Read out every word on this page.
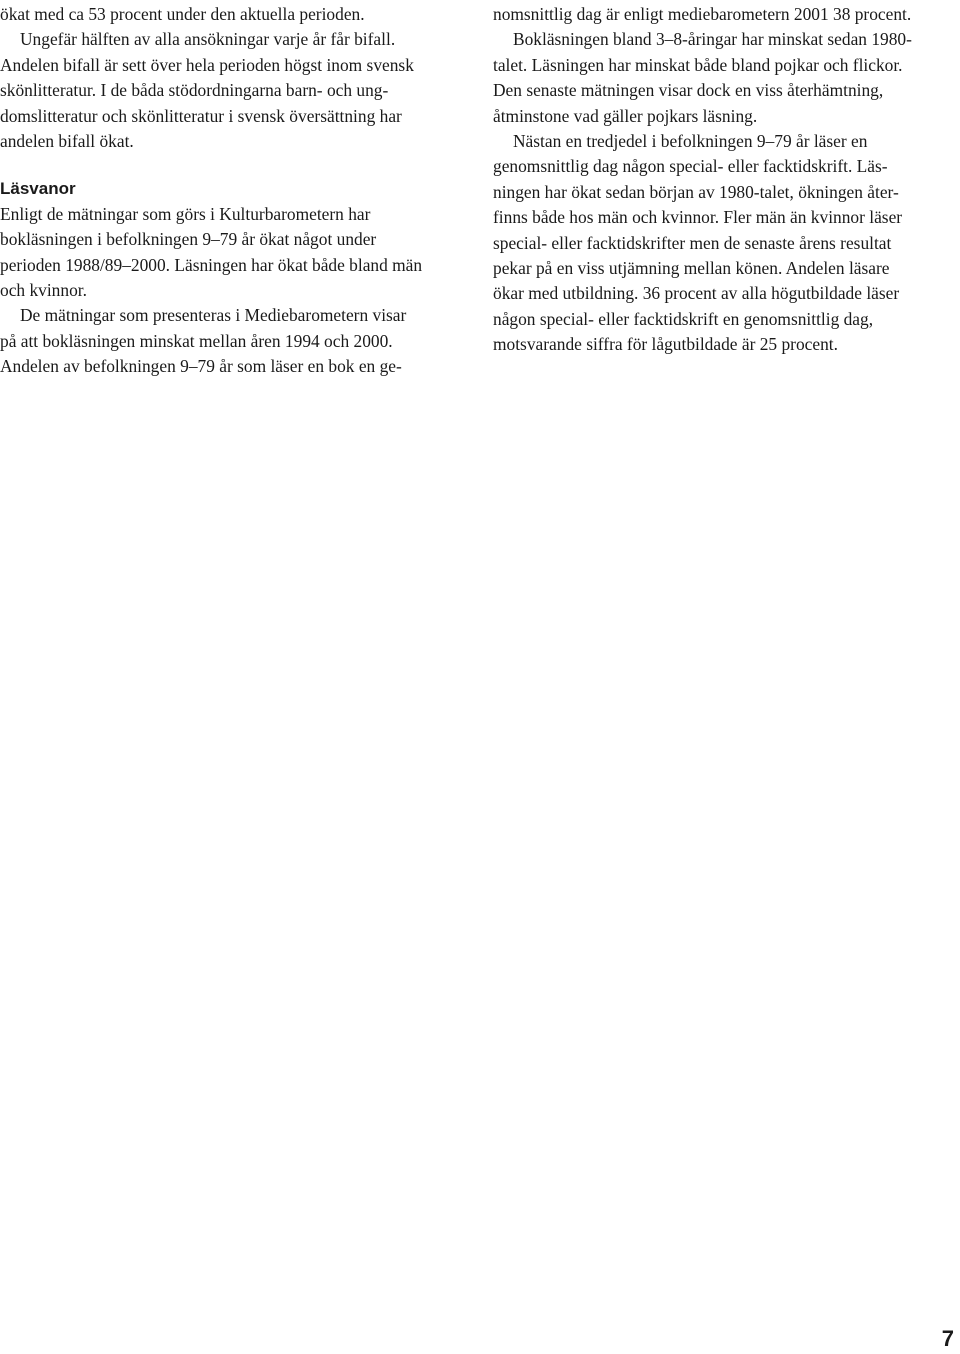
ökat med ca 53 procent under den aktuella perioden.
Ungefär hälften av alla ansökningar varje år får bifall.
Andelen bifall är sett över hela perioden högst inom svensk
skönlitteratur. I de båda stödordningarna barn- och ung-
domslitteratur och skönlitteratur i svensk översättning har
andelen bifall ökat.
Läsvanor
Enligt de mätningar som görs i Kulturbarometern har
bokläsningen i befolkningen 9–79 år ökat något under
perioden 1988/89–2000. Läsningen har ökat både bland män
och kvinnor.
De mätningar som presenteras i Mediebarometern visar
på att bokläsningen minskat mellan åren 1994 och 2000.
Andelen av befolkningen 9–79 år som läser en bok en ge-
nomsnittlig dag är enligt mediebarometern 2001 38 procent.
Bokläsningen bland 3–8-åringar har minskat sedan 1980-
talet. Läsningen har minskat både bland pojkar och flickor.
Den senaste mätningen visar dock en viss återhämtning,
åtminstone vad gäller pojkars läsning.
Nästan en tredjedel i befolkningen 9–79 år läser en
genomsnittlig dag någon special- eller facktidskrift. Läs-
ningen har ökat sedan början av 1980-talet, ökningen åter-
finns både hos män och kvinnor. Fler män än kvinnor läser
special- eller facktidskrifter men de senaste årens resultat
pekar på en viss utjämning mellan könen. Andelen läsare
ökar med utbildning. 36 procent av alla högutbildade läser
någon special- eller facktidskrift en genomsnittlig dag,
motsvarande siffra för lågutbildade är 25 procent.
7
